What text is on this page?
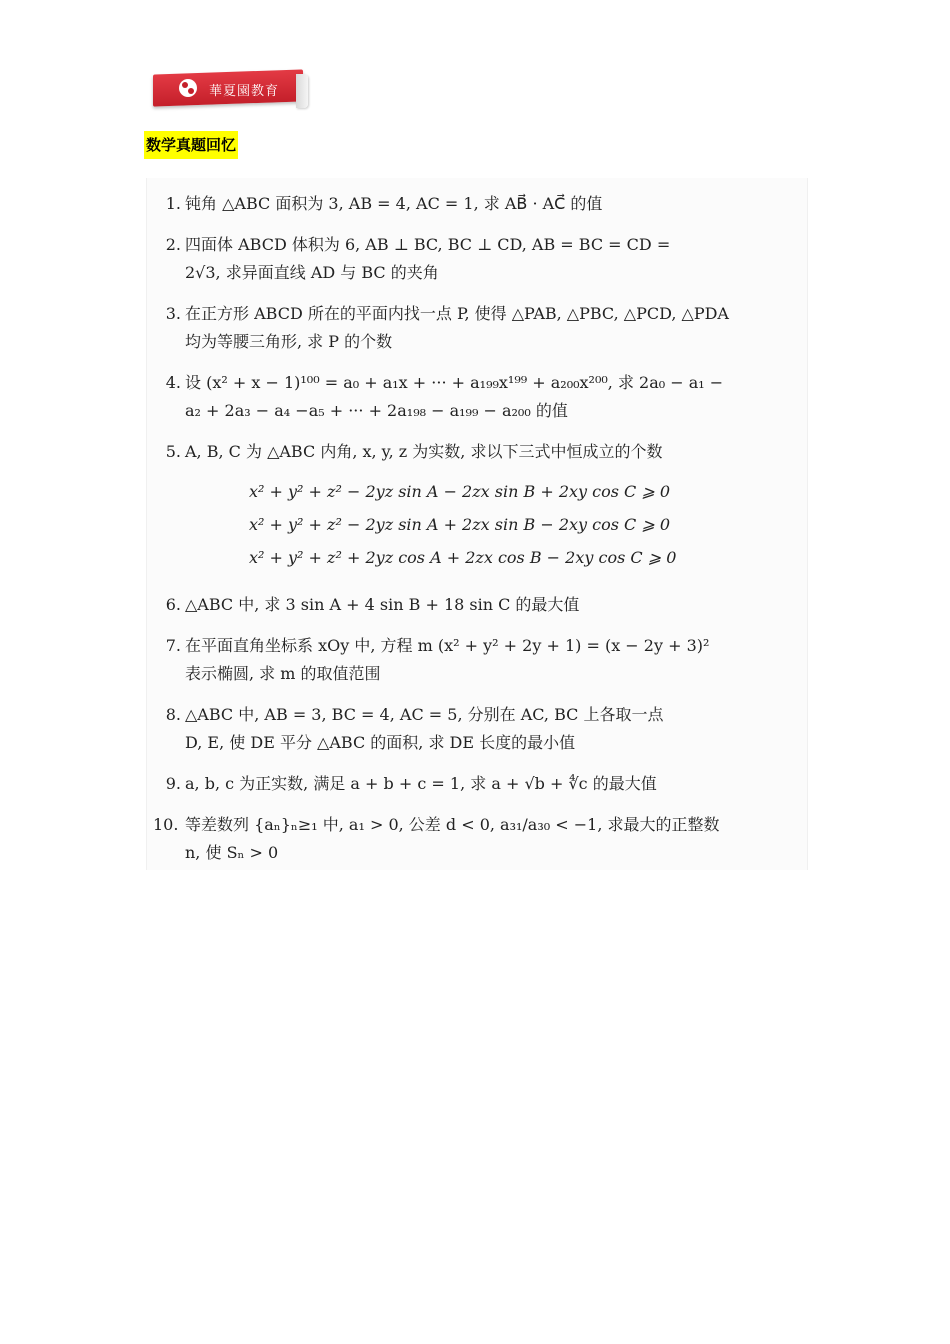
華夏園教育
数学真题回忆
1. 钝角 △ABC 面积为 3, AB = 4, AC = 1, 求 AB⃗ · AC⃗ 的值
2. 四面体 ABCD 体积为 6, AB ⊥ BC, BC ⊥ CD, AB = BC = CD =
2√3, 求异面直线 AD 与 BC 的夹角
3. 在正方形 ABCD 所在的平面内找一点 P, 使得 △PAB, △PBC, △PCD, △PDA
均为等腰三角形, 求 P 的个数
4. 设 (x² + x − 1)¹⁰⁰ = a₀ + a₁x + ··· + a₁₉₉x¹⁹⁹ + a₂₀₀x²⁰⁰, 求 2a₀ − a₁ −
a₂ + 2a₃ − a₄ −a₅ + ··· + 2a₁₉₈ − a₁₉₉ − a₂₀₀ 的值
5. A, B, C 为 △ABC 内角, x, y, z 为实数, 求以下三式中恒成立的个数
x² + y² + z² − 2yz sin A − 2zx sin B + 2xy cos C ⩾ 0
x² + y² + z² − 2yz sin A + 2zx sin B − 2xy cos C ⩾ 0
x² + y² + z² + 2yz cos A + 2zx cos B − 2xy cos C ⩾ 0
6. △ABC 中, 求 3 sin A + 4 sin B + 18 sin C 的最大值
7. 在平面直角坐标系 xOy 中, 方程 m (x² + y² + 2y + 1) = (x − 2y + 3)²
表示椭圆, 求 m 的取值范围
8. △ABC 中, AB = 3, BC = 4, AC = 5, 分别在 AC, BC 上各取一点
D, E, 使 DE 平分 △ABC 的面积, 求 DE 长度的最小值
9. a, b, c 为正实数, 满足 a + b + c = 1, 求 a + √b + ∜c 的最大值
10. 等差数列 {aₙ}ₙ≥₁ 中, a₁ > 0, 公差 d < 0, a₃₁/a₃₀ < −1, 求最大的正整数
n, 使 Sₙ > 0
